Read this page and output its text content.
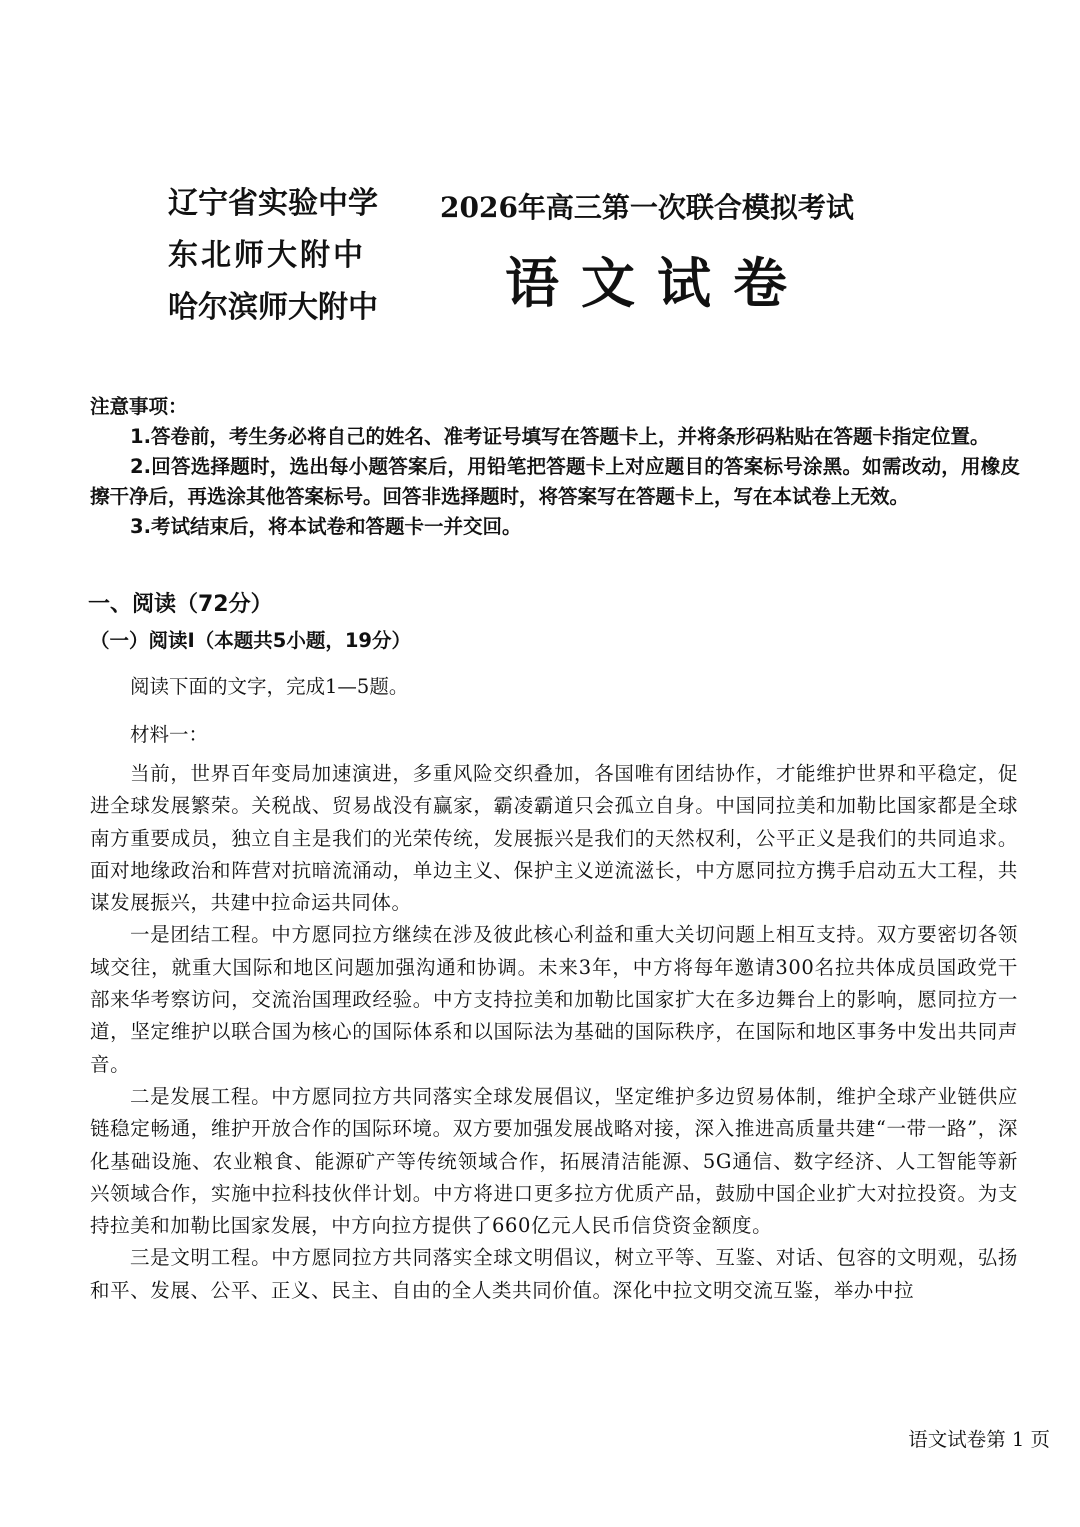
辽宁省实验中学
东北师大附中
哈尔滨师大附中
2026年高三第一次联合模拟考试
语文试卷
注意事项：

1.答卷前，考生务必将自己的姓名、准考证号填写在答题卡上，并将条形码粘贴在答题卡指定位置。

2.回答选择题时，选出每小题答案后，用铅笔把答题卡上对应题目的答案标号涂黑。如需改动，用橡皮擦干净后，再选涂其他答案标号。回答非选择题时，将答案写在答题卡上，写在本试卷上无效。

3.考试结束后，将本试卷和答题卡一并交回。

一、阅读（72分）
（一）阅读Ⅰ（本题共5小题，19分）
阅读下面的文字，完成1—5题。
材料一：

当前，世界百年变局加速演进，多重风险交织叠加，各国唯有团结协作，才能维护世界和平稳定，促进全球发展繁荣。关税战、贸易战没有赢家，霸凌霸道只会孤立自身。中国同拉美和加勒比国家都是全球南方重要成员，独立自主是我们的光荣传统，发展振兴是我们的天然权利，公平正义是我们的共同追求。面对地缘政治和阵营对抗暗流涌动，单边主义、保护主义逆流滋长，中方愿同拉方携手启动五大工程，共谋发展振兴，共建中拉命运共同体。

一是团结工程。中方愿同拉方继续在涉及彼此核心利益和重大关切问题上相互支持。双方要密切各领域交往，就重大国际和地区问题加强沟通和协调。未来3年，中方将每年邀请300名拉共体成员国政党干部来华考察访问，交流治国理政经验。中方支持拉美和加勒比国家扩大在多边舞台上的影响，愿同拉方一道，坚定维护以联合国为核心的国际体系和以国际法为基础的国际秩序，在国际和地区事务中发出共同声音。

二是发展工程。中方愿同拉方共同落实全球发展倡议，坚定维护多边贸易体制，维护全球产业链供应链稳定畅通，维护开放合作的国际环境。双方要加强发展战略对接，深入推进高质量共建“一带一路”，深化基础设施、农业粮食、能源矿产等传统领域合作，拓展清洁能源、5G通信、数字经济、人工智能等新兴领域合作，实施中拉科技伙伴计划。中方将进口更多拉方优质产品，鼓励中国企业扩大对拉投资。为支持拉美和加勒比国家发展，中方向拉方提供了660亿元人民币信贷资金额度。

三是文明工程。中方愿同拉方共同落实全球文明倡议，树立平等、互鉴、对话、包容的文明观，弘扬和平、发展、公平、正义、民主、自由的全人类共同价值。深化中拉文明交流互鉴，举办中拉

语文试卷第 1 页
